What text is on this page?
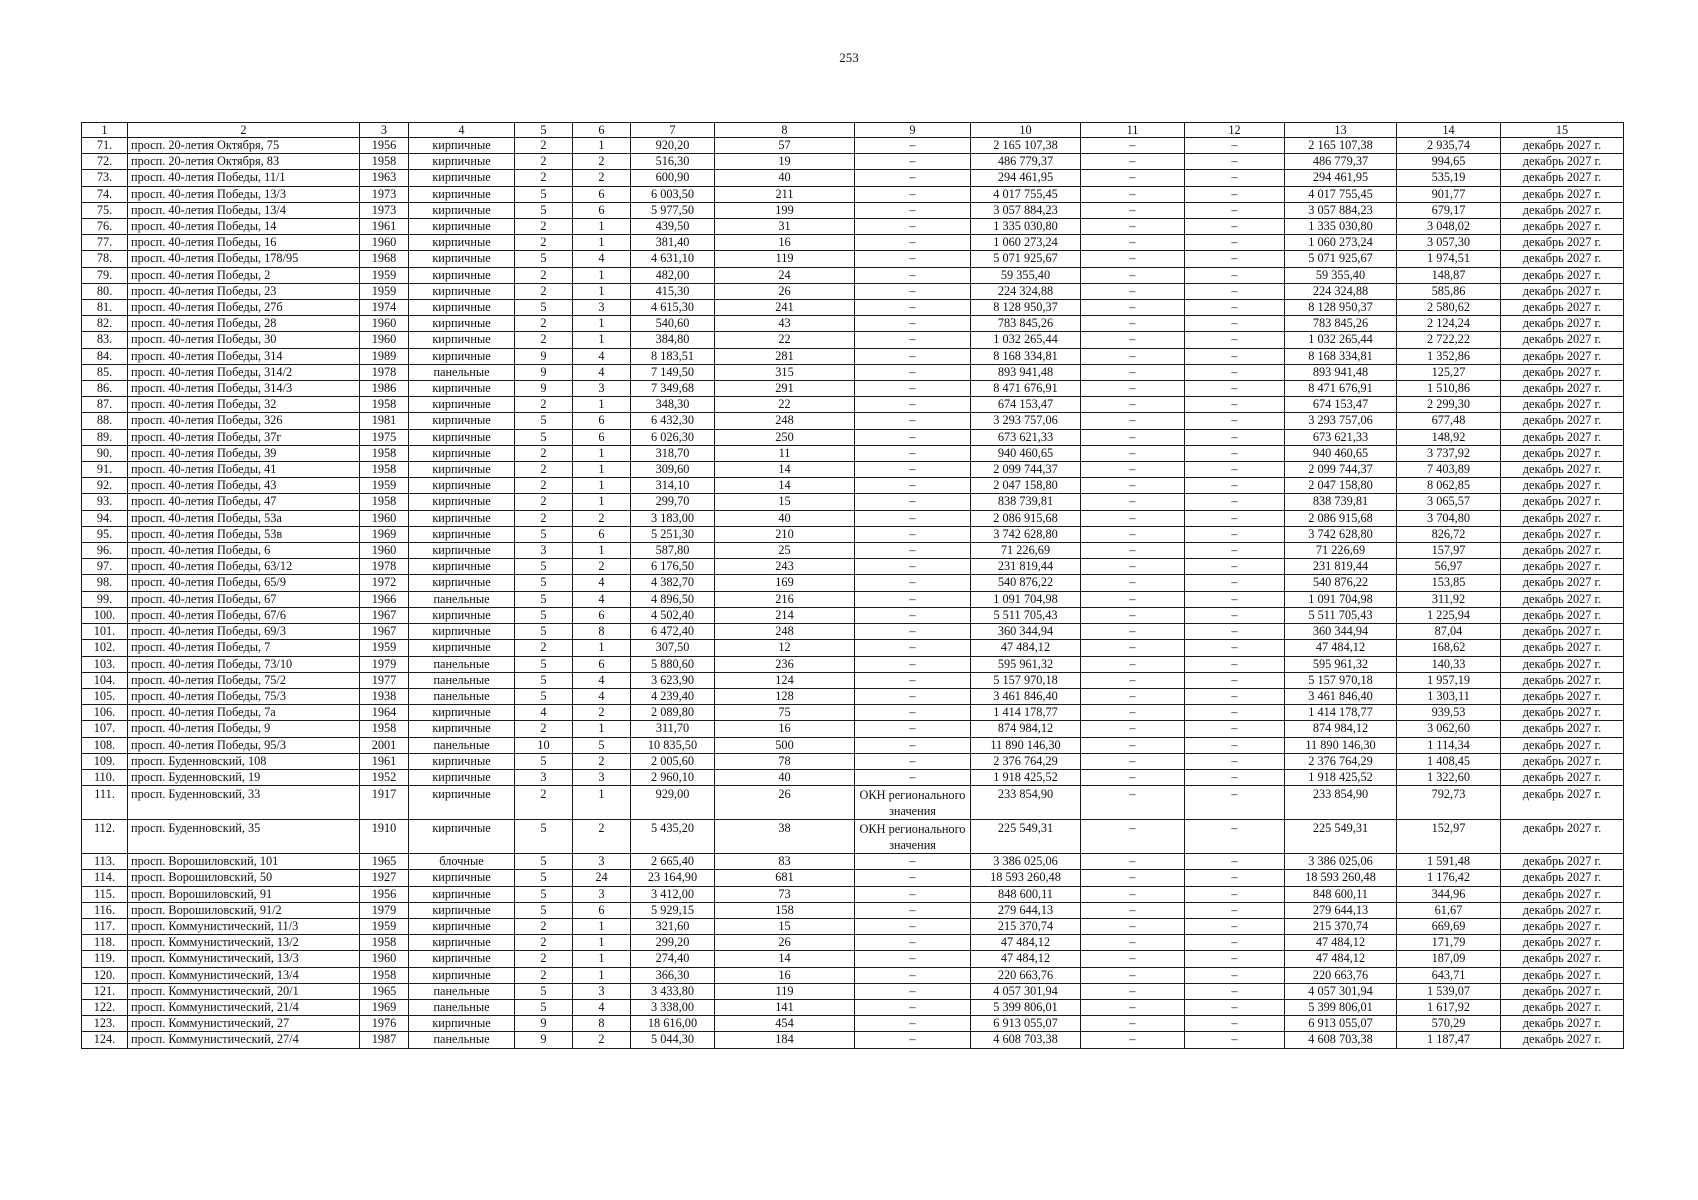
253
1	2	3	4	5	6	7	8	9	10	11	12	13	14	15
71.	просп. 20-летия Октября, 75	1956	кирпичные	2	1	920,20	57	–	2 165 107,38	–	–	2 165 107,38	2 935,74	декабрь 2027 г.
72.	просп. 20-летия Октября, 83	1958	кирпичные	2	2	516,30	19	–	486 779,37	–	–	486 779,37	994,65	декабрь 2027 г.
73.	просп. 40-летия Победы, 11/1	1963	кирпичные	2	2	600,90	40	–	294 461,95	–	–	294 461,95	535,19	декабрь 2027 г.
74.	просп. 40-летия Победы, 13/3	1973	кирпичные	5	6	6 003,50	211	–	4 017 755,45	–	–	4 017 755,45	901,77	декабрь 2027 г.
75.	просп. 40-летия Победы, 13/4	1973	кирпичные	5	6	5 977,50	199	–	3 057 884,23	–	–	3 057 884,23	679,17	декабрь 2027 г.
76.	просп. 40-летия Победы, 14	1961	кирпичные	2	1	439,50	31	–	1 335 030,80	–	–	1 335 030,80	3 048,02	декабрь 2027 г.
77.	просп. 40-летия Победы, 16	1960	кирпичные	2	1	381,40	16	–	1 060 273,24	–	–	1 060 273,24	3 057,30	декабрь 2027 г.
78.	просп. 40-летия Победы, 178/95	1968	кирпичные	5	4	4 631,10	119	–	5 071 925,67	–	–	5 071 925,67	1 974,51	декабрь 2027 г.
79.	просп. 40-летия Победы, 2	1959	кирпичные	2	1	482,00	24	–	59 355,40	–	–	59 355,40	148,87	декабрь 2027 г.
80.	просп. 40-летия Победы, 23	1959	кирпичные	2	1	415,30	26	–	224 324,88	–	–	224 324,88	585,86	декабрь 2027 г.
81.	просп. 40-летия Победы, 27б	1974	кирпичные	5	3	4 615,30	241	–	8 128 950,37	–	–	8 128 950,37	2 580,62	декабрь 2027 г.
82.	просп. 40-летия Победы, 28	1960	кирпичные	2	1	540,60	43	–	783 845,26	–	–	783 845,26	2 124,24	декабрь 2027 г.
83.	просп. 40-летия Победы, 30	1960	кирпичные	2	1	384,80	22	–	1 032 265,44	–	–	1 032 265,44	2 722,22	декабрь 2027 г.
84.	просп. 40-летия Победы, 314	1989	кирпичные	9	4	8 183,51	281	–	8 168 334,81	–	–	8 168 334,81	1 352,86	декабрь 2027 г.
85.	просп. 40-летия Победы, 314/2	1978	панельные	9	4	7 149,50	315	–	893 941,48	–	–	893 941,48	125,27	декабрь 2027 г.
86.	просп. 40-летия Победы, 314/3	1986	кирпичные	9	3	7 349,68	291	–	8 471 676,91	–	–	8 471 676,91	1 510,86	декабрь 2027 г.
87.	просп. 40-летия Победы, 32	1958	кирпичные	2	1	348,30	22	–	674 153,47	–	–	674 153,47	2 299,30	декабрь 2027 г.
88.	просп. 40-летия Победы, 326	1981	кирпичные	5	6	6 432,30	248	–	3 293 757,06	–	–	3 293 757,06	677,48	декабрь 2027 г.
89.	просп. 40-летия Победы, 37г	1975	кирпичные	5	6	6 026,30	250	–	673 621,33	–	–	673 621,33	148,92	декабрь 2027 г.
90.	просп. 40-летия Победы, 39	1958	кирпичные	2	1	318,70	11	–	940 460,65	–	–	940 460,65	3 737,92	декабрь 2027 г.
91.	просп. 40-летия Победы, 41	1958	кирпичные	2	1	309,60	14	–	2 099 744,37	–	–	2 099 744,37	7 403,89	декабрь 2027 г.
92.	просп. 40-летия Победы, 43	1959	кирпичные	2	1	314,10	14	–	2 047 158,80	–	–	2 047 158,80	8 062,85	декабрь 2027 г.
93.	просп. 40-летия Победы, 47	1958	кирпичные	2	1	299,70	15	–	838 739,81	–	–	838 739,81	3 065,57	декабрь 2027 г.
94.	просп. 40-летия Победы, 53а	1960	кирпичные	2	2	3 183,00	40	–	2 086 915,68	–	–	2 086 915,68	3 704,80	декабрь 2027 г.
95.	просп. 40-летия Победы, 53в	1969	кирпичные	5	6	5 251,30	210	–	3 742 628,80	–	–	3 742 628,80	826,72	декабрь 2027 г.
96.	просп. 40-летия Победы, 6	1960	кирпичные	3	1	587,80	25	–	71 226,69	–	–	71 226,69	157,97	декабрь 2027 г.
97.	просп. 40-летия Победы, 63/12	1978	кирпичные	5	2	6 176,50	243	–	231 819,44	–	–	231 819,44	56,97	декабрь 2027 г.
98.	просп. 40-летия Победы, 65/9	1972	кирпичные	5	4	4 382,70	169	–	540 876,22	–	–	540 876,22	153,85	декабрь 2027 г.
99.	просп. 40-летия Победы, 67	1966	панельные	5	4	4 896,50	216	–	1 091 704,98	–	–	1 091 704,98	311,92	декабрь 2027 г.
100.	просп. 40-летия Победы, 67/6	1967	кирпичные	5	6	4 502,40	214	–	5 511 705,43	–	–	5 511 705,43	1 225,94	декабрь 2027 г.
101.	просп. 40-летия Победы, 69/3	1967	кирпичные	5	8	6 472,40	248	–	360 344,94	–	–	360 344,94	87,04	декабрь 2027 г.
102.	просп. 40-летия Победы, 7	1959	кирпичные	2	1	307,50	12	–	47 484,12	–	–	47 484,12	168,62	декабрь 2027 г.
103.	просп. 40-летия Победы, 73/10	1979	панельные	5	6	5 880,60	236	–	595 961,32	–	–	595 961,32	140,33	декабрь 2027 г.
104.	просп. 40-летия Победы, 75/2	1977	панельные	5	4	3 623,90	124	–	5 157 970,18	–	–	5 157 970,18	1 957,19	декабрь 2027 г.
105.	просп. 40-летия Победы, 75/3	1938	панельные	5	4	4 239,40	128	–	3 461 846,40	–	–	3 461 846,40	1 303,11	декабрь 2027 г.
106.	просп. 40-летия Победы, 7а	1964	кирпичные	4	2	2 089,80	75	–	1 414 178,77	–	–	1 414 178,77	939,53	декабрь 2027 г.
107.	просп. 40-летия Победы, 9	1958	кирпичные	2	1	311,70	16	–	874 984,12	–	–	874 984,12	3 062,60	декабрь 2027 г.
108.	просп. 40-летия Победы, 95/3	2001	панельные	10	5	10 835,50	500	–	11 890 146,30	–	–	11 890 146,30	1 114,34	декабрь 2027 г.
109.	просп. Буденновский, 108	1961	кирпичные	5	2	2 005,60	78	–	2 376 764,29	–	–	2 376 764,29	1 408,45	декабрь 2027 г.
110.	просп. Буденновский, 19	1952	кирпичные	3	3	2 960,10	40	–	1 918 425,52	–	–	1 918 425,52	1 322,60	декабрь 2027 г.
111.	просп. Буденновский, 33	1917	кирпичные	2	1	929,00	26	ОКН регионального значения	233 854,90	–	–	233 854,90	792,73	декабрь 2027 г.
112.	просп. Буденновский, 35	1910	кирпичные	5	2	5 435,20	38	ОКН регионального значения	225 549,31	–	–	225 549,31	152,97	декабрь 2027 г.
113.	просп. Ворошиловский, 101	1965	блочные	5	3	2 665,40	83	–	3 386 025,06	–	–	3 386 025,06	1 591,48	декабрь 2027 г.
114.	просп. Ворошиловский, 50	1927	кирпичные	5	24	23 164,90	681	–	18 593 260,48	–	–	18 593 260,48	1 176,42	декабрь 2027 г.
115.	просп. Ворошиловский, 91	1956	кирпичные	5	3	3 412,00	73	–	848 600,11	–	–	848 600,11	344,96	декабрь 2027 г.
116.	просп. Ворошиловский, 91/2	1979	кирпичные	5	6	5 929,15	158	–	279 644,13	–	–	279 644,13	61,67	декабрь 2027 г.
117.	просп. Коммунистический, 11/3	1959	кирпичные	2	1	321,60	15	–	215 370,74	–	–	215 370,74	669,69	декабрь 2027 г.
118.	просп. Коммунистический, 13/2	1958	кирпичные	2	1	299,20	26	–	47 484,12	–	–	47 484,12	171,79	декабрь 2027 г.
119.	просп. Коммунистический, 13/3	1960	кирпичные	2	1	274,40	14	–	47 484,12	–	–	47 484,12	187,09	декабрь 2027 г.
120.	просп. Коммунистический, 13/4	1958	кирпичные	2	1	366,30	16	–	220 663,76	–	–	220 663,76	643,71	декабрь 2027 г.
121.	просп. Коммунистический, 20/1	1965	панельные	5	3	3 433,80	119	–	4 057 301,94	–	–	4 057 301,94	1 539,07	декабрь 2027 г.
122.	просп. Коммунистический, 21/4	1969	панельные	5	4	3 338,00	141	–	5 399 806,01	–	–	5 399 806,01	1 617,92	декабрь 2027 г.
123.	просп. Коммунистический, 27	1976	кирпичные	9	8	18 616,00	454	–	6 913 055,07	–	–	6 913 055,07	570,29	декабрь 2027 г.
124.	просп. Коммунистический, 27/4	1987	панельные	9	2	5 044,30	184	–	4 608 703,38	–	–	4 608 703,38	1 187,47	декабрь 2027 г.
